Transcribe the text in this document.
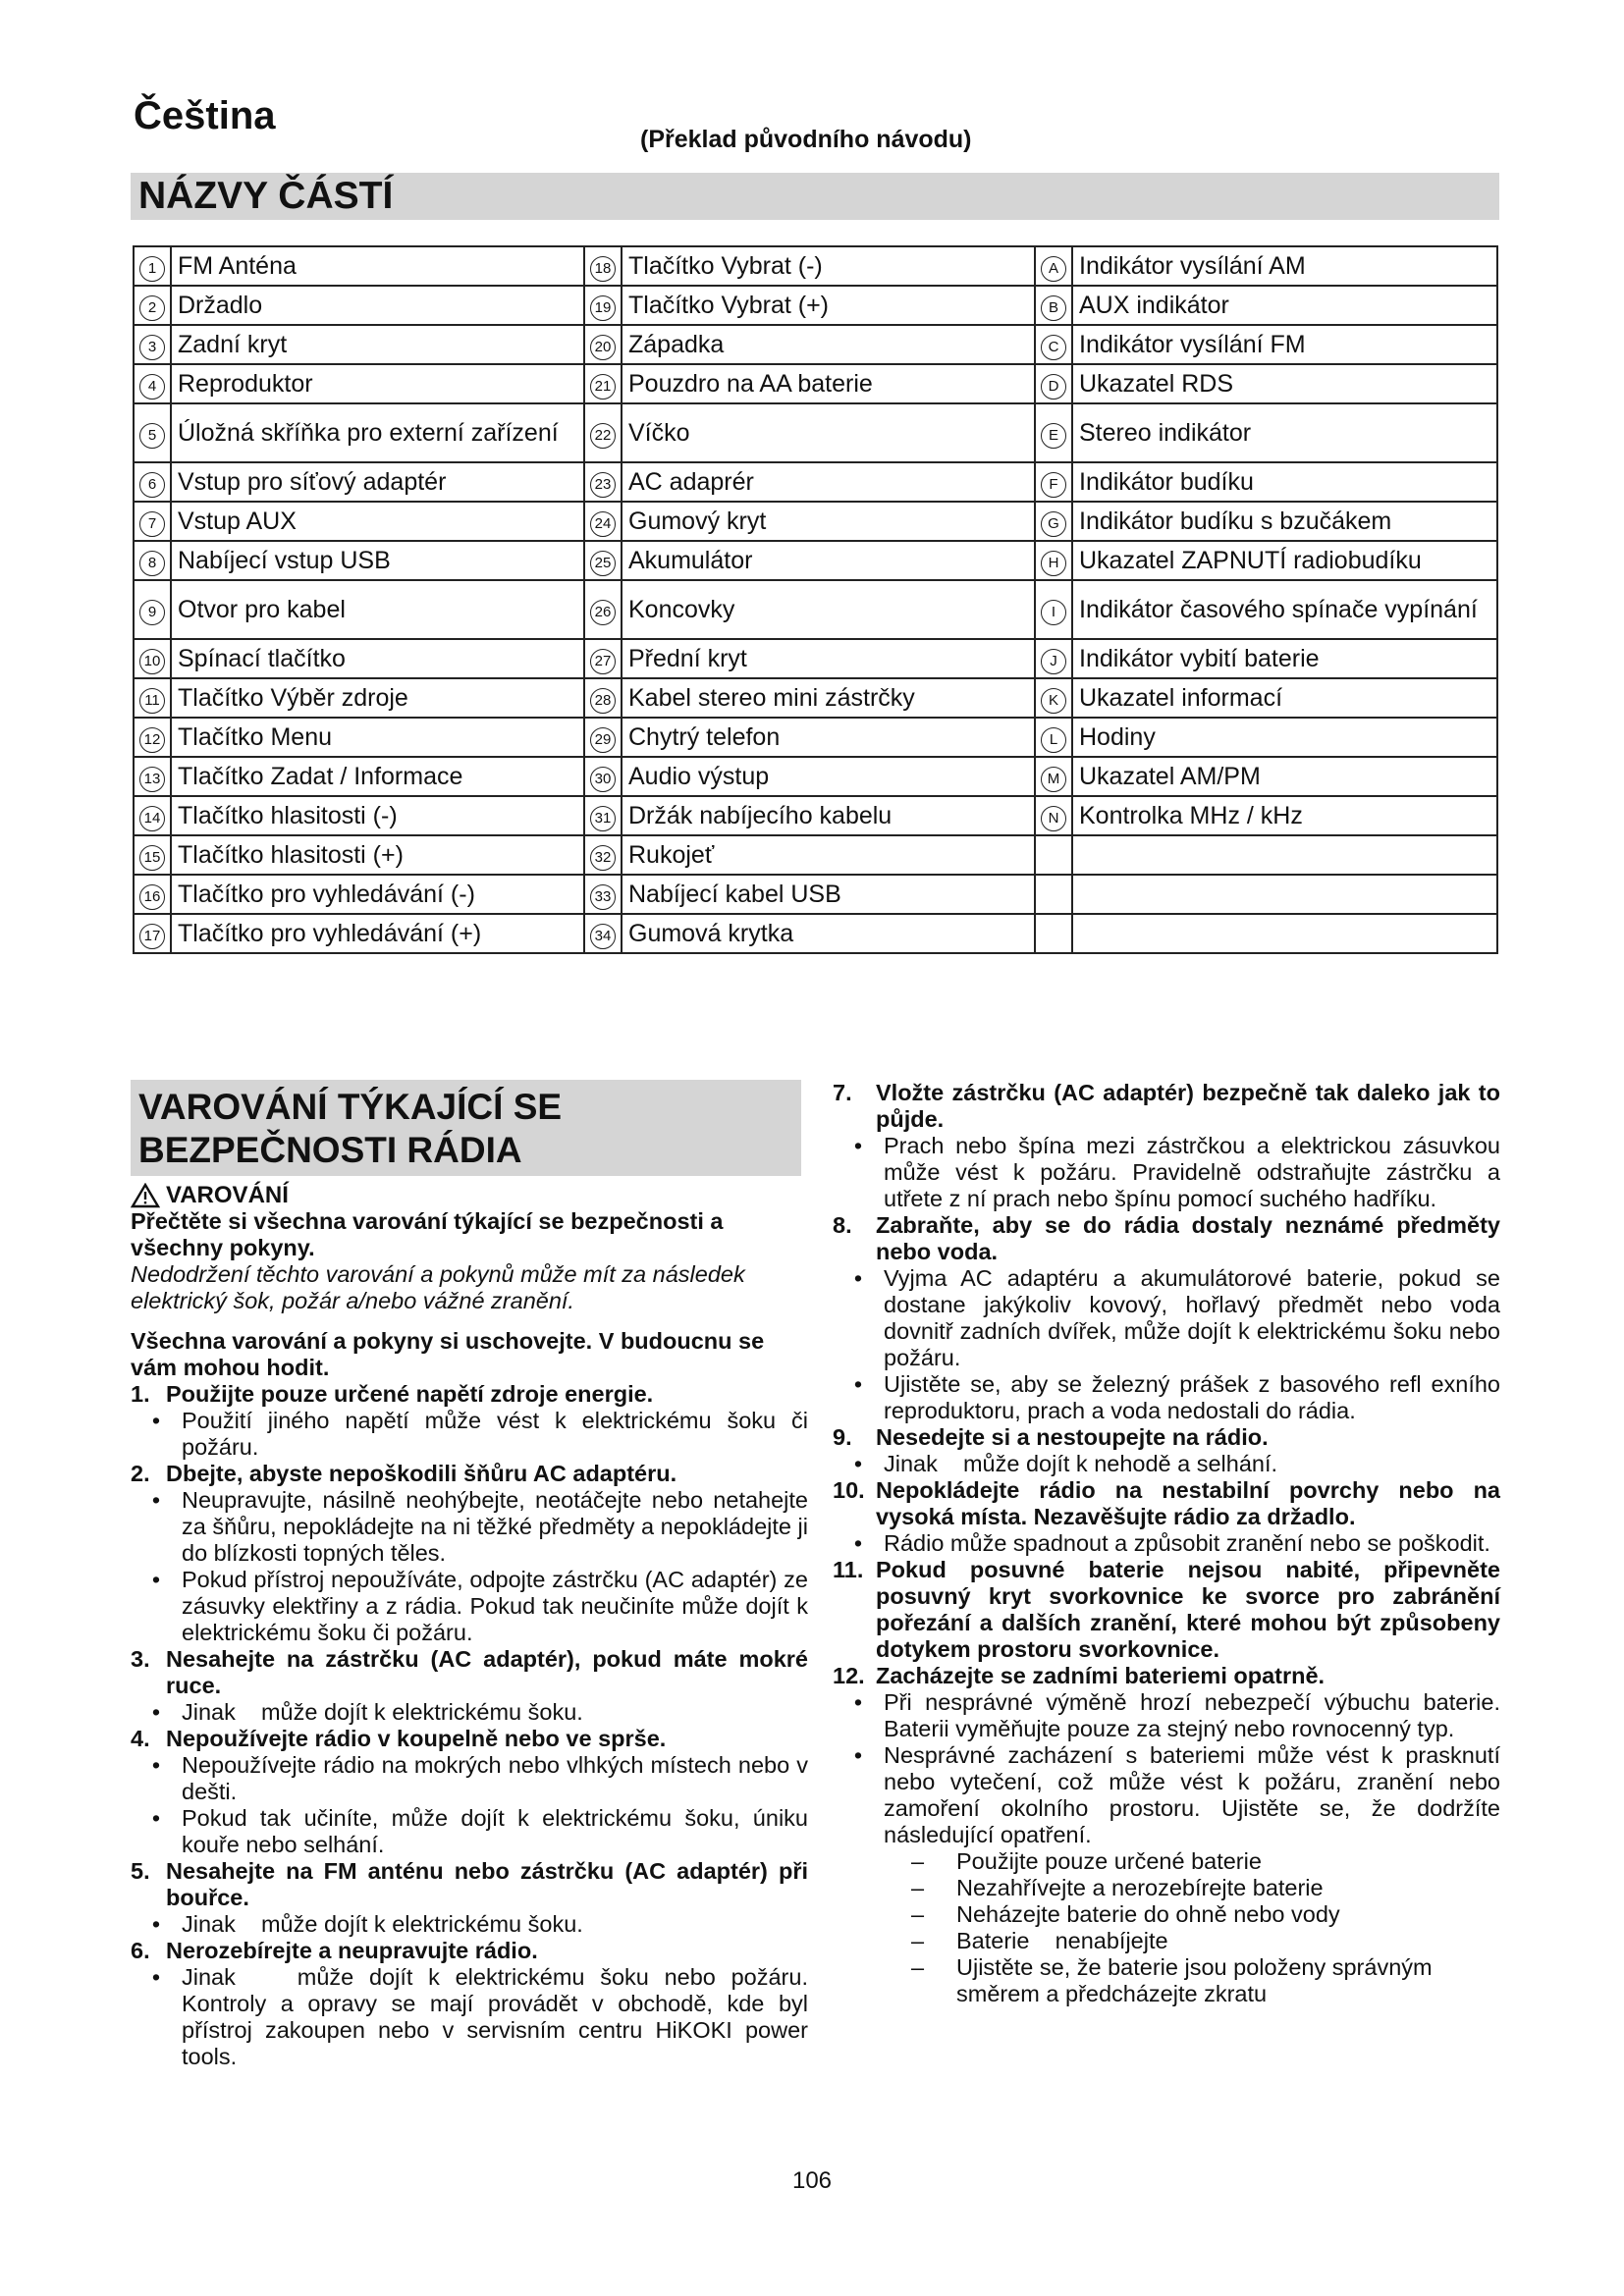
Čeština
(Překlad původního návodu)
NÁZVY ČÁSTÍ
1	FM Anténa	18	Tlačítko Vybrat (-)	A	Indikátor vysílání AM
2	Držadlo	19	Tlačítko Vybrat (+)	B	AUX indikátor
3	Zadní kryt	20	Západka	C	Indikátor vysílání FM
4	Reproduktor	21	Pouzdro na AA baterie	D	Ukazatel RDS
5	Úložná skříňka pro externí zařízení	22	Víčko	E	Stereo indikátor
6	Vstup pro síťový adaptér	23	AC adaprér	F	Indikátor budíku
7	Vstup AUX	24	Gumový kryt	G	Indikátor budíku s bzučákem
8	Nabíjecí vstup USB	25	Akumulátor	H	Ukazatel ZAPNUTÍ radiobudíku
9	Otvor pro kabel	26	Koncovky	I	Indikátor časového spínače vypínání
10	Spínací tlačítko	27	Přední kryt	J	Indikátor vybití baterie
11	Tlačítko Výběr zdroje	28	Kabel stereo mini zástrčky	K	Ukazatel informací
12	Tlačítko Menu	29	Chytrý telefon	L	Hodiny
13	Tlačítko Zadat / Informace	30	Audio výstup	M	Ukazatel AM/PM
14	Tlačítko hlasitosti (-)	31	Držák nabíjecího kabelu	N	Kontrolka MHz / kHz
15	Tlačítko hlasitosti (+)	32	Rukojeť		
16	Tlačítko pro vyhledávání (-)	33	Nabíjecí kabel USB		
17	Tlačítko pro vyhledávání (+)	34	Gumová krytka		
VAROVÁNÍ TÝKAJÍCÍ SE BEZPEČNOSTI RÁDIA
VAROVÁNÍ

Přečtěte si všechna varování týkající se bezpečnosti a všechny pokyny.

Nedodržení těchto varování a pokynů může mít za následek elektrický šok, požár a/nebo vážné zranění.

Všechna varování a pokyny si uschovejte. V budoucnu se vám mohou hodit.

1. Použijte pouze určené napětí zdroje energie.
• Použití jiného napětí může vést k elektrickému šoku či požáru.
2. Dbejte, abyste nepoškodili šňůru AC adaptéru.
• Neupravujte, násilně neohýbejte, neotáčejte nebo netahejte za šňůru, nepokládejte na ni těžké předměty a nepokládejte ji do blízkosti topných těles.
• Pokud přístroj nepoužíváte, odpojte zástrčku (AC adaptér) ze zásuvky elektřiny a z rádia. Pokud tak neučiníte může dojít k elektrickému šoku či požáru.
3. Nesahejte na zástrčku (AC adaptér), pokud máte mokré ruce.
• Jinak    může dojít k elektrickému šoku.
4. Nepoužívejte rádio v koupelně nebo ve sprše.
• Nepoužívejte rádio na mokrých nebo vlhkých místech nebo v dešti.
• Pokud tak učiníte, může dojít k elektrickému šoku, úniku kouře nebo selhání.
5. Nesahejte na FM anténu nebo zástrčku (AC adaptér) při bouřce.
• Jinak    může dojít k elektrickému šoku.
6. Nerozebírejte a neupravujte rádio.
• Jinak    může dojít k elektrickému šoku nebo požáru. Kontroly a opravy se mají provádět v obchodě, kde byl přístroj zakoupen nebo v servisním centru HiKOKI power tools.
7.	Vložte zástrčku (AC adaptér) bezpečně tak daleko jak to půjde.
• Prach nebo špína mezi zástrčkou a elektrickou zásuvkou může vést k požáru. Pravidelně odstraňujte zástrčku a utřete z ní prach nebo špínu pomocí suchého hadříku.
8.	Zabraňte, aby se do rádia dostaly neznámé předměty nebo voda.
• Vyjma AC adaptéru a akumulátorové baterie, pokud se dostane jakýkoliv kovový, hořlavý předmět nebo voda dovnitř zadních dvířek, může dojít k elektrickému šoku nebo požáru.
• Ujistěte se, aby se železný prášek z basového refl exního reproduktoru, prach a voda nedostali do rádia.
9.	Nesedejte si a nestoupejte na rádio.
• Jinak    může dojít k nehodě a selhání.
10. Nepokládejte rádio na nestabilní povrchy nebo na vysoká místa. Nezavěšujte rádio za držadlo.
• Rádio může spadnout a způsobit zranění nebo se poškodit.
11. Pokud posuvné baterie nejsou nabité, připevněte posuvný kryt svorkovnice ke svorce pro zabránění pořezání a dalších zranění, které mohou být způsobeny dotykem prostoru svorkovnice.
12. Zacházejte se zadními bateriemi opatrně.
• Při nesprávné výměně hrozí nebezpečí výbuchu baterie. Baterii vyměňujte pouze za stejný nebo rovnocenný typ.
• Nesprávné zacházení s bateriemi může vést k prasknutí nebo vytečení, což může vést k požáru, zranění nebo zamoření okolního prostoru. Ujistěte se, že dodržíte následující opatření.
–	Použijte pouze určené baterie
–	Nezahřívejte a nerozebírejte baterie
–	Neházejte baterie do ohně nebo vody
–	Baterie    nenabíjejte
–	Ujistěte se, že baterie jsou položeny správným směrem a předcházejte zkratu
106
